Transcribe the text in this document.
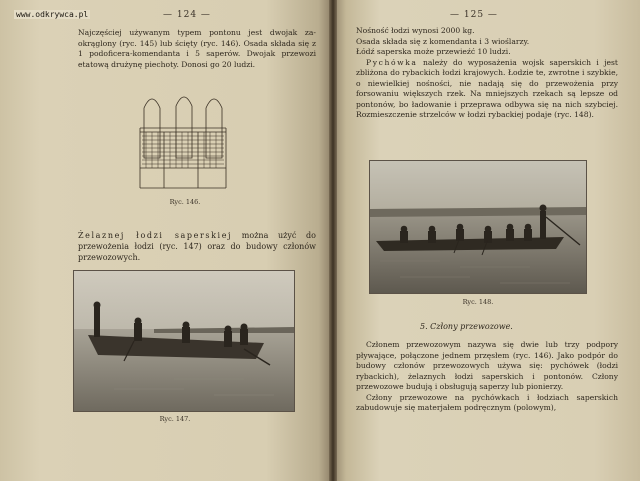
www.odkrywca.pl	— 124 —

Najczęściej używanym typem pontonu jest dwojak zaokrąglony (ryc. 145) lub ścięty (ryc. 146). Osada składa się z 1 podoficera-komendanta i 5 saperów. Dwojak przewozi etatową drużynę piechoty. Donosi go 20 ludzi.

Ryc. 146.

Żelaznej łodzi saperskiej można użyć do przewożenia łodzi (ryc. 147) oraz do budowy członów przewozowych.

Ryc. 147.
— 125 —

Nośność łodzi wynosi 2000 kg.

Osada składa się z komendanta i 3 wioślarzy.

Łódź saperska może przewieźć 10 ludzi.

Pychówka należy do wyposażenia wojsk saperskich i jest zbliżona do rybackich łodzi krajowych. Łodzie te, zwrotne i szybkie, o niewielkiej nośności, nie nadają się do przewożenia przy forsowaniu większych rzek. Na mniejszych rzekach są lepsze od pontonów, bo ładowanie i przeprawa odbywa się na nich szybciej. Rozmieszczenie strzelców w łodzi rybackiej podaje (ryc. 148).

Ryc. 148.
5. Człony przewozowe.

Członem przewozowym nazywa się dwie lub trzy podpory pływające, połączone jednem przęsłem (ryc. 146). Jako podpór do budowy członów przewozowych używa się: pychówek (łodzi rybackich), żelaznych łodzi saperskich i pontonów. Człony przewozowe budują i obsługują saperzy lub pionierzy.

Człony przewozowe na pychówkach i łodziach saperskich zabudowuje się materjałem podręcznym (polowym),
